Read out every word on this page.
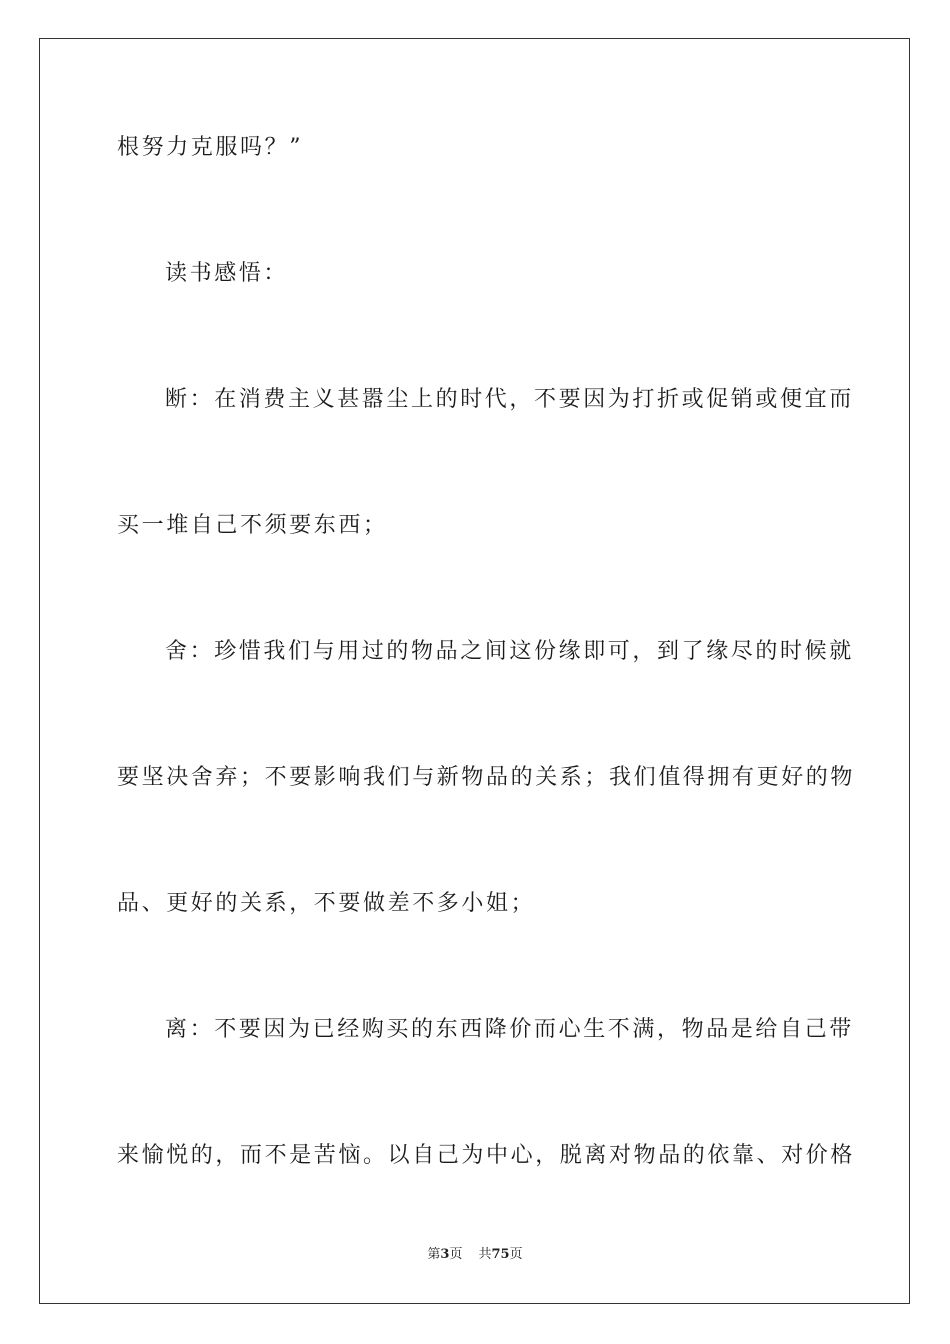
根努力克服吗？”
读书感悟：
断：在消费主义甚嚣尘上的时代，不要因为打折或促销或便宜而
买一堆自己不须要东西；
舍：珍惜我们与用过的物品之间这份缘即可，到了缘尽的时候就
要坚决舍弃；不要影响我们与新物品的关系；我们值得拥有更好的物
品、更好的关系，不要做差不多小姐；
离：不要因为已经购买的东西降价而心生不满，物品是给自己带
来愉悦的，而不是苦恼。以自己为中心，脱离对物品的依靠、对价格
第3页 共75页
